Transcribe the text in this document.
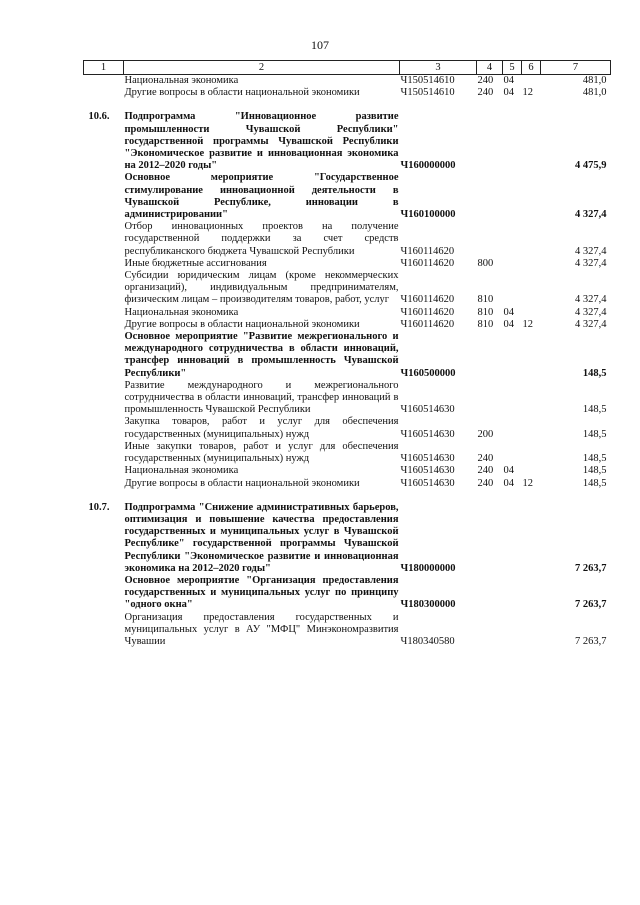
107
1	2	3	4	5	6	7
	Национальная экономика	Ч150514610	240	04		481,0
	Другие вопросы в области национальной экономики	Ч150514610	240	04	12	481,0

10.6.	Подпрограмма "Инновационное развитие промышленности Чувашской Республики" государственной программы Чувашской Республики "Экономическое развитие и инновационная экономика на 2012–2020 годы"	Ч160000000				4 475,9
	Основное мероприятие "Государственное стимулирование инновационной деятельности в Чувашской Республике, инновации в администрировании"	Ч160100000				4 327,4
	Отбор инновационных проектов на получение государственной поддержки за счет средств республиканского бюджета Чувашской Республики	Ч160114620				4 327,4
	Иные бюджетные ассигнования	Ч160114620	800			4 327,4
	Субсидии юридическим лицам (кроме некоммерческих организаций), индивидуальным предпринимателям, физическим лицам – производителям товаров, работ, услуг	Ч160114620	810			4 327,4
	Национальная экономика	Ч160114620	810	04		4 327,4
	Другие вопросы в области национальной экономики	Ч160114620	810	04	12	4 327,4
	Основное мероприятие "Развитие межрегионального и международного сотрудничества в области инноваций, трансфер инноваций в промышленность Чувашской Республики"	Ч160500000				148,5
	Развитие международного и межрегионального сотрудничества в области инноваций, трансфер инноваций в промышленность Чувашской Республики	Ч160514630				148,5
	Закупка товаров, работ и услуг для обеспечения государственных (муниципальных) нужд	Ч160514630	200			148,5
	Иные закупки товаров, работ и услуг для обеспечения государственных (муниципальных) нужд	Ч160514630	240			148,5
	Национальная экономика	Ч160514630	240	04		148,5
	Другие вопросы в области национальной экономики	Ч160514630	240	04	12	148,5

10.7.	Подпрограмма "Снижение административных барьеров, оптимизация и повышение качества предоставления государственных и муниципальных услуг в Чувашской Республике" государственной программы Чувашской Республики "Экономическое развитие и инновационная экономика на 2012–2020 годы"	Ч180000000				7 263,7
	Основное мероприятие "Организация предоставления государственных и муниципальных услуг по принципу "одного окна"	Ч180300000				7 263,7
	Организация предоставления государственных и муниципальных услуг в АУ "МФЦ" Минэкономразвития Чувашии	Ч180340580				7 263,7
